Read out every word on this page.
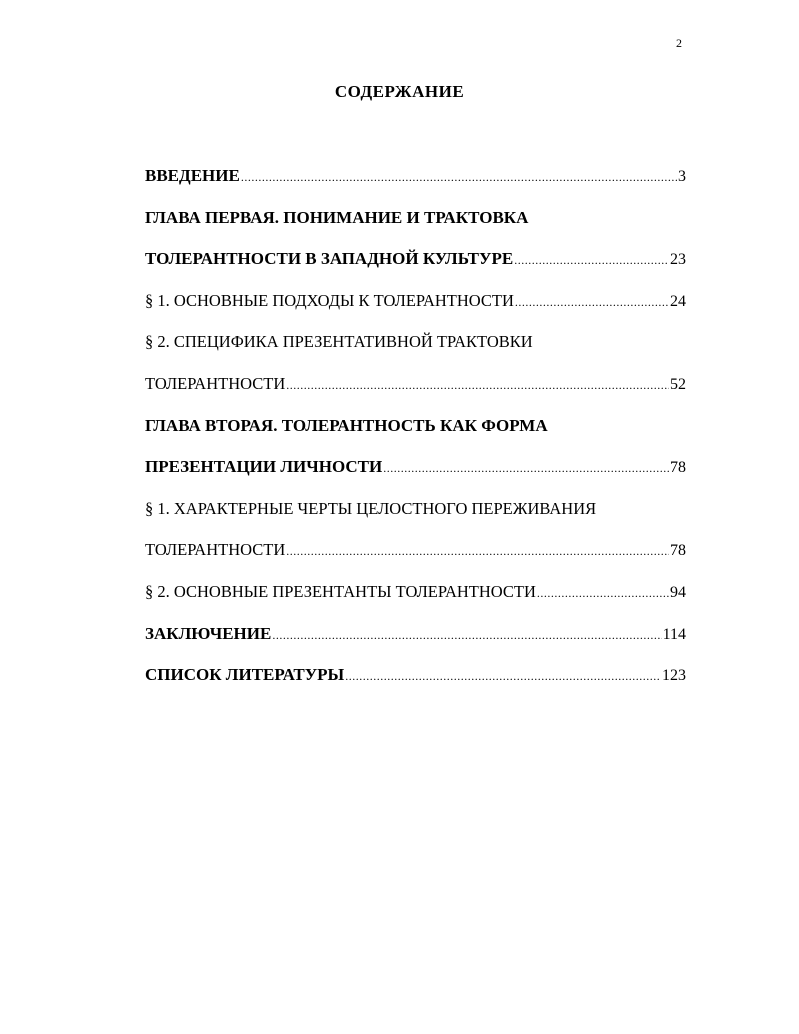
2
СОДЕРЖАНИЕ
ВВЕДЕНИЕ .....	3
ГЛАВА ПЕРВАЯ. ПОНИМАНИЕ И ТРАКТОВКА
ТОЛЕРАНТНОСТИ В ЗАПАДНОЙ КУЛЬТУРЕ .....	23
§ 1. ОСНОВНЫЕ ПОДХОДЫ К ТОЛЕРАНТНОСТИ .....	24
§ 2. СПЕЦИФИКА ПРЕЗЕНТАТИВНОЙ ТРАКТОВКИ
ТОЛЕРАНТНОСТИ .....	52
ГЛАВА ВТОРАЯ. ТОЛЕРАНТНОСТЬ КАК ФОРМА
ПРЕЗЕНТАЦИИ ЛИЧНОСТИ .....	78
§ 1. ХАРАКТЕРНЫЕ ЧЕРТЫ ЦЕЛОСТНОГО ПЕРЕЖИВАНИЯ
ТОЛЕРАНТНОСТИ .....	78
§ 2. ОСНОВНЫЕ ПРЕЗЕНТАНТЫ ТОЛЕРАНТНОСТИ .....	94
ЗАКЛЮЧЕНИЕ .....	114
СПИСОК ЛИТЕРАТУРЫ .....	123
